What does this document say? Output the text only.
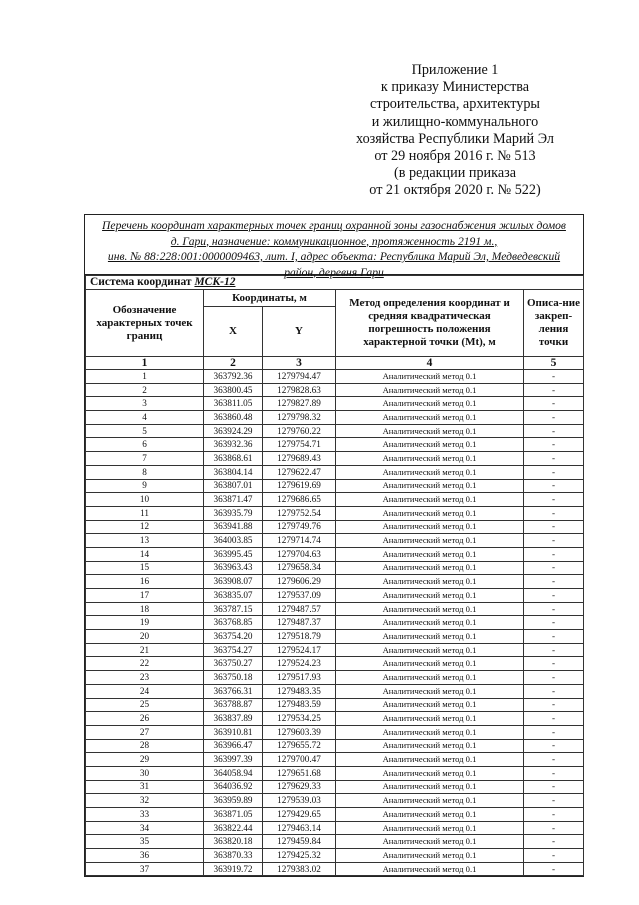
Приложение 1
к приказу Министерства
строительства, архитектуры
и жилищно-коммунального
хозяйства Республики Марий Эл
от 29 ноября 2016 г. № 513
(в редакции приказа
от 21 октября 2020 г. № 522)
Перечень координат характерных точек границ охранной зоны газоснабжения жилых домов
д. Гари, назначение: коммуникационное, протяженность 2191 м.,
инв. № 88:228:001:0000009463, лит. I, адрес объекта: Республика Марий Эл, Медведевский
район, деревня Гари
Система координат МСК-12				
Обозначение характерных точек границ	Координаты, м		Метод определения координат и средняя квадратическая погрешность положения характерной точки (Mt), м	Описа-ние закреп-ления точки
	X	Y		
1	2	3	4	5
1	363792.36	1279794.47	Аналитический метод 0.1	-
2	363800.45	1279828.63	Аналитический метод 0.1	-
3	363811.05	1279827.89	Аналитический метод 0.1	-
4	363860.48	1279798.32	Аналитический метод 0.1	-
5	363924.29	1279760.22	Аналитический метод 0.1	-
6	363932.36	1279754.71	Аналитический метод 0.1	-
7	363868.61	1279689.43	Аналитический метод 0.1	-
8	363804.14	1279622.47	Аналитический метод 0.1	-
9	363807.01	1279619.69	Аналитический метод 0.1	-
10	363871.47	1279686.65	Аналитический метод 0.1	-
11	363935.79	1279752.54	Аналитический метод 0.1	-
12	363941.88	1279749.76	Аналитический метод 0.1	-
13	364003.85	1279714.74	Аналитический метод 0.1	-
14	363995.45	1279704.63	Аналитический метод 0.1	-
15	363963.43	1279658.34	Аналитический метод 0.1	-
16	363908.07	1279606.29	Аналитический метод 0.1	-
17	363835.07	1279537.09	Аналитический метод 0.1	-
18	363787.15	1279487.57	Аналитический метод 0.1	-
19	363768.85	1279487.37	Аналитический метод 0.1	-
20	363754.20	1279518.79	Аналитический метод 0.1	-
21	363754.27	1279524.17	Аналитический метод 0.1	-
22	363750.27	1279524.23	Аналитический метод 0.1	-
23	363750.18	1279517.93	Аналитический метод 0.1	-
24	363766.31	1279483.35	Аналитический метод 0.1	-
25	363788.87	1279483.59	Аналитический метод 0.1	-
26	363837.89	1279534.25	Аналитический метод 0.1	-
27	363910.81	1279603.39	Аналитический метод 0.1	-
28	363966.47	1279655.72	Аналитический метод 0.1	-
29	363997.39	1279700.47	Аналитический метод 0.1	-
30	364058.94	1279651.68	Аналитический метод 0.1	-
31	364036.92	1279629.33	Аналитический метод 0.1	-
32	363959.89	1279539.03	Аналитический метод 0.1	-
33	363871.05	1279429.65	Аналитический метод 0.1	-
34	363822.44	1279463.14	Аналитический метод 0.1	-
35	363820.18	1279459.84	Аналитический метод 0.1	-
36	363870.33	1279425.32	Аналитический метод 0.1	-
37	363919.72	1279383.02	Аналитический метод 0.1	-
